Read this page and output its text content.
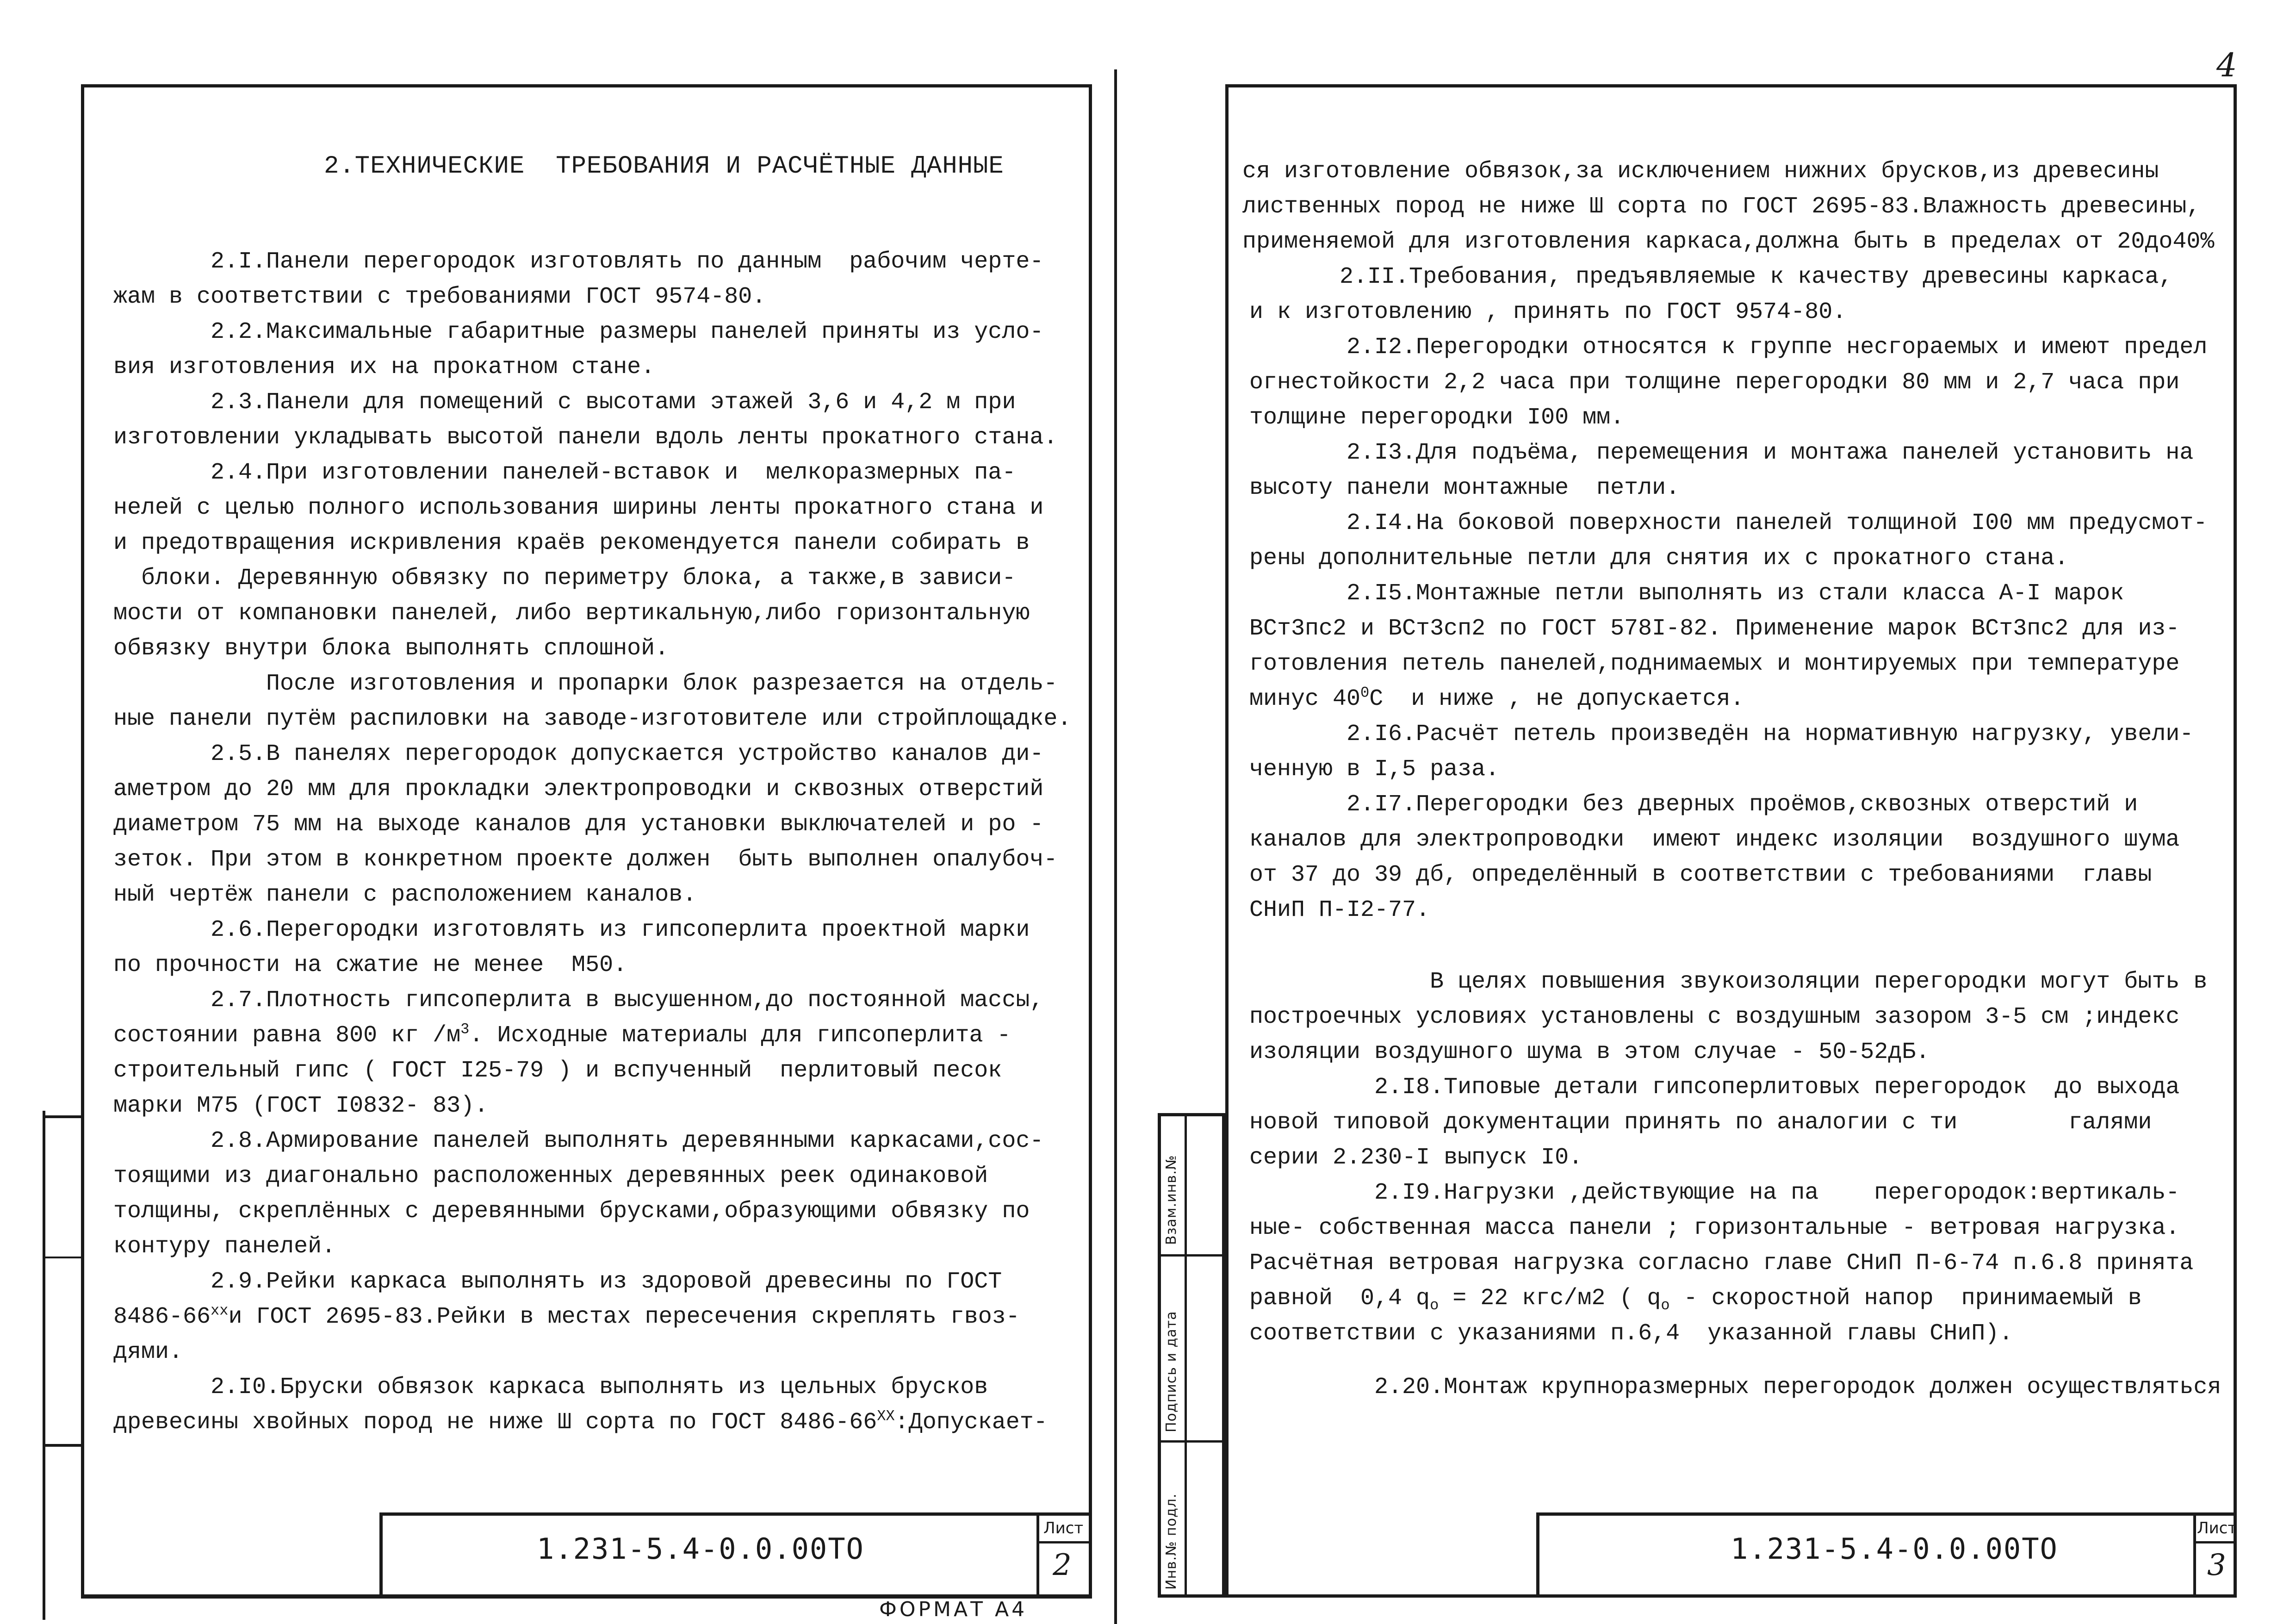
4
2.ТЕХНИЧЕСКИЕ  ТРЕБОВАНИЯ И РАСЧЁТНЫЕ ДАННЫЕ
2.I.Панели перегородок изготовлять по данным  рабочим черте-
жам в соответствии с требованиями ГОСТ 9574-80.
2.2.Максимальные габаритные размеры панелей приняты из усло-
вия изготовления их на прокатном стане.
2.3.Панели для помещений с высотами этажей 3,6 и 4,2 м при
изготовлении укладывать высотой панели вдоль ленты прокатного стана.
2.4.При изготовлении панелей-вставок и  мелкоразмерных па-
нелей с целью полного использования ширины ленты прокатного стана и
и предотвращения искривления краёв рекомендуется панели собирать в
блоки. Деревянную обвязку по периметру блока, а также,в зависи-
мости от компановки панелей, либо вертикальную,либо горизонтальную
обвязку внутри блока выполнять сплошной.
После изготовления и пропарки блок разрезается на отдель-
ные панели путём распиловки на заводе-изготовителе или стройплощадке.
2.5.В панелях перегородок допускается устройство каналов ди-
аметром до 20 мм для прокладки электропроводки и сквозных отверстий
диаметром 75 мм на выходе каналов для установки выключателей и ро -
зеток. При этом в конкретном проекте должен  быть выполнен опалубоч-
ный чертёж панели с расположением каналов.
2.6.Перегородки изготовлять из гипсоперлита проектной марки
по прочности на сжатие не менее  М50.
2.7.Плотность гипсоперлита в высушенном,до постоянной массы,
состоянии равна 800 кг $/м^3$. Исходные материалы для гипсоперлита -
строительный гипс ( ГОСТ I25-79 ) и вспученный  перлитовый песок
марки М75 (ГОСТ I0832- 83).
2.8.Армирование панелей выполнять деревянными каркасами,сос-
тоящими из диагонально расположенных деревянных реек одинаковой
толщины, скреплённых с деревянными брусками,образующими обвязку по
контуру панелей.
2.9.Рейки каркаса выполнять из здоровой древесины по ГОСТ
8486-66$^{xx}$и ГОСТ 2695-83.Рейки в местах пересечения скреплять гвоз-
дями.
2.I0.Бруски обвязок каркаса выполнять из цельных брусков
древесины хвойных пород не ниже Ш сорта по ГОСТ $8486-66^{XX}:Допускает-$
1.231-5.4-0.0.00ТО
Лист
2
ФОРМАТ А4
Взам.инв.№
Подпись и дата
Инв.№ подл.
ся изготовление обвязок,за исключением нижних брусков,из древесины
лиственных пород не ниже Ш сорта по ГОСТ 2695-83.Влажность древесины,
применяемой для изготовления каркаса,должна быть в пределах от 20до40%
2.II.Требования, предъявляемые к качеству древесины каркаса,
и к изготовлению , принять по ГОСТ 9574-80.
2.I2.Перегородки относятся к группе несгораемых и имеют предел
огнестойкости 2,2 часа при толщине перегородки 80 мм и 2,7 часа при
толщине перегородки I00 мм.
2.I3.Для подъёма, перемещения и монтажа панелей установить на
высоту панели монтажные  петли.
2.I4.На боковой поверхности панелей толщиной I00 мм предусмот-
рены дополнительные петли для снятия их с прокатного стана.
2.I5.Монтажные петли выполнять из стали класса А-I марок
ВСт3пс2 и ВСт3сп2 по ГОСТ 578I-82. Применение марок ВСт3пс2 для из-
готовления петель панелей,поднимаемых и монтируемых при температуре
минус $40^0C$  и ниже , не допускается.
2.I6.Расчёт петель произведён на нормативную нагрузку, увели-
ченную в I,5 раза.
2.I7.Перегородки без дверных проёмов,сквозных отверстий и
каналов для электропроводки  имеют индекс изоляции  воздушного шума
от 37 до 39 дб, определённый в соответствии с требованиями  главы
СНиП П-I2-77.
В целях повышения звукоизоляции перегородки могут быть в
построечных условиях установлены с воздушным зазором 3-5 см ;индекс
изоляции воздушного шума в этом случае - 50-52дБ.
2.I8.Типовые детали гипсоперлитовых перегородок  до выхода
новой типовой документации принять по аналогии с ти        галями
серии 2.230-I выпуск I0.
2.I9.Нагрузки ,действующие на па    перегородок:вертикаль-
ные- собственная масса панели ; горизонтальные - ветровая нагрузка.
Расчётная ветровая нагрузка согласно главе СНиП П-6-74 п.6.8 принята
равной  0,4 $q_o = 22$ кгс/м2 ( $q_o$ - скоростной напор  принимаемый в
соответствии с указаниями п.6,4  указанной главы СНиП).
2.20.Монтаж крупноразмерных перегородок должен осуществляться
1.231-5.4-0.0.00ТО
Лист
3
